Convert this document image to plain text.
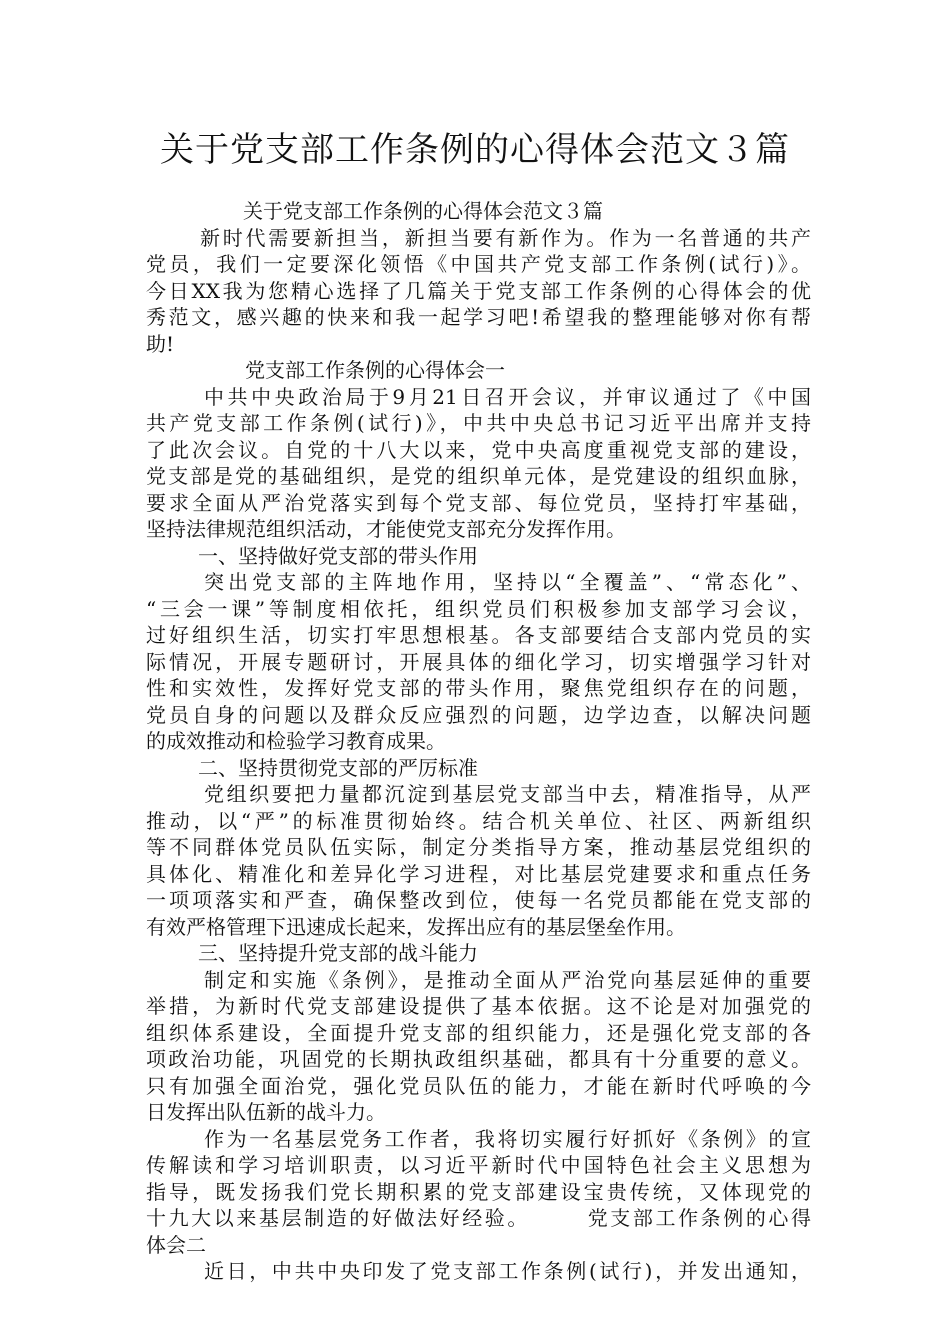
关于党支部工作条例的心得体会范文３篇
关于党支部工作条例的心得体会范文３篇
新时代需要新担当，新担当要有新作为。作为一名普通的共产
党员，我们一定要深化领悟《中国共产党支部工作条例(试行)》。
今日XX我为您精心选择了几篇关于党支部工作条例的心得体会的优
秀范文，感兴趣的快来和我一起学习吧!希望我的整理能够对你有帮
助!
党支部工作条例的心得体会一
中共中央政治局于9月21日召开会议，并审议通过了《中国
共产党支部工作条例(试行)》，中共中央总书记习近平出席并支持
了此次会议。自党的十八大以来，党中央高度重视党支部的建设，
党支部是党的基础组织，是党的组织单元体，是党建设的组织血脉，
要求全面从严治党落实到每个党支部、每位党员，坚持打牢基础，
坚持法律规范组织活动，才能使党支部充分发挥作用。
一、坚持做好党支部的带头作用
突出党支部的主阵地作用，坚持以“全覆盖”、“常态化”、
“三会一课”等制度相依托，组织党员们积极参加支部学习会议，
过好组织生活，切实打牢思想根基。各支部要结合支部内党员的实
际情况，开展专题研讨，开展具体的细化学习，切实增强学习针对
性和实效性，发挥好党支部的带头作用，聚焦党组织存在的问题，
党员自身的问题以及群众反应强烈的问题，边学边查，以解决问题
的成效推动和检验学习教育成果。
二、坚持贯彻党支部的严厉标准
党组织要把力量都沉淀到基层党支部当中去，精准指导，从严
推动，以“严”的标准贯彻始终。结合机关单位、社区、两新组织
等不同群体党员队伍实际，制定分类指导方案，推动基层党组织的
具体化、精准化和差异化学习进程，对比基层党建要求和重点任务
一项项落实和严查，确保整改到位，使每一名党员都能在党支部的
有效严格管理下迅速成长起来，发挥出应有的基层堡垒作用。
三、坚持提升党支部的战斗能力
制定和实施《条例》，是推动全面从严治党向基层延伸的重要
举措，为新时代党支部建设提供了基本依据。这不论是对加强党的
组织体系建设，全面提升党支部的组织能力，还是强化党支部的各
项政治功能，巩固党的长期执政组织基础，都具有十分重要的意义。
只有加强全面治党，强化党员队伍的能力，才能在新时代呼唤的今
日发挥出队伍新的战斗力。
作为一名基层党务工作者，我将切实履行好抓好《条例》的宣
传解读和学习培训职责，以习近平新时代中国特色社会主义思想为
指导，既发扬我们党长期积累的党支部建设宝贵传统，又体现党的
十九大以来基层制造的好做法好经验。　　　党支部工作条例的心得
体会二
近日，中共中央印发了党支部工作条例(试行)，并发出通知，
